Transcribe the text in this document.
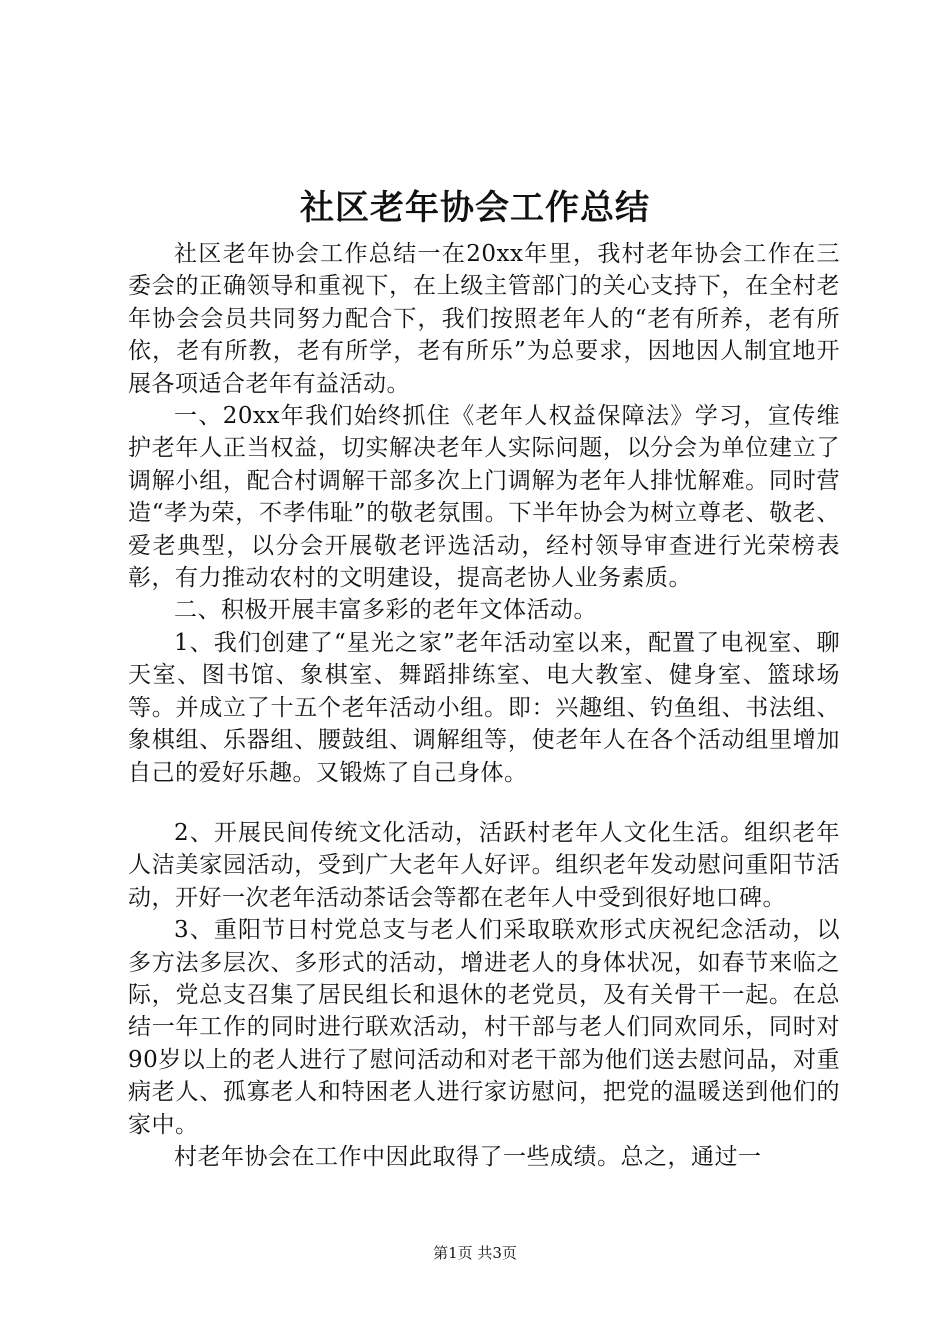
社区老年协会工作总结

社区老年协会工作总结一在20xx年里，我村老年协会工作在三委会的正确领导和重视下，在上级主管部门的关心支持下，在全村老年协会会员共同努力配合下，我们按照老年人的“老有所养，老有所依，老有所教，老有所学，老有所乐”为总要求，因地因人制宜地开展各项适合老年有益活动。

一、20xx年我们始终抓住《老年人权益保障法》学习，宣传维护老年人正当权益，切实解决老年人实际问题，以分会为单位建立了调解小组，配合村调解干部多次上门调解为老年人排忧解难。同时营造“孝为荣，不孝伟耻”的敬老氛围。下半年协会为树立尊老、敬老、爱老典型，以分会开展敬老评选活动，经村领导审查进行光荣榜表彰，有力推动农村的文明建设，提高老协人业务素质。

二、积极开展丰富多彩的老年文体活动。

1、我们创建了“星光之家”老年活动室以来，配置了电视室、聊天室、图书馆、象棋室、舞蹈排练室、电大教室、健身室、篮球场等。并成立了十五个老年活动小组。即：兴趣组、钓鱼组、书法组、象棋组、乐器组、腰鼓组、调解组等，使老年人在各个活动组里增加自己的爱好乐趣。又锻炼了自己身体。

2、开展民间传统文化活动，活跃村老年人文化生活。组织老年人洁美家园活动，受到广大老年人好评。组织老年发动慰问重阳节活动，开好一次老年活动茶话会等都在老年人中受到很好地口碑。

3、重阳节日村党总支与老人们采取联欢形式庆祝纪念活动，以多方法多层次、多形式的活动，增进老人的身体状况，如春节来临之际，党总支召集了居民组长和退休的老党员，及有关骨干一起。在总结一年工作的同时进行联欢活动，村干部与老人们同欢同乐，同时对90岁以上的老人进行了慰问活动和对老干部为他们送去慰问品，对重病老人、孤寡老人和特困老人进行家访慰问，把党的温暖送到他们的家中。

村老年协会在工作中因此取得了一些成绩。总之，通过一

第1页 共3页
